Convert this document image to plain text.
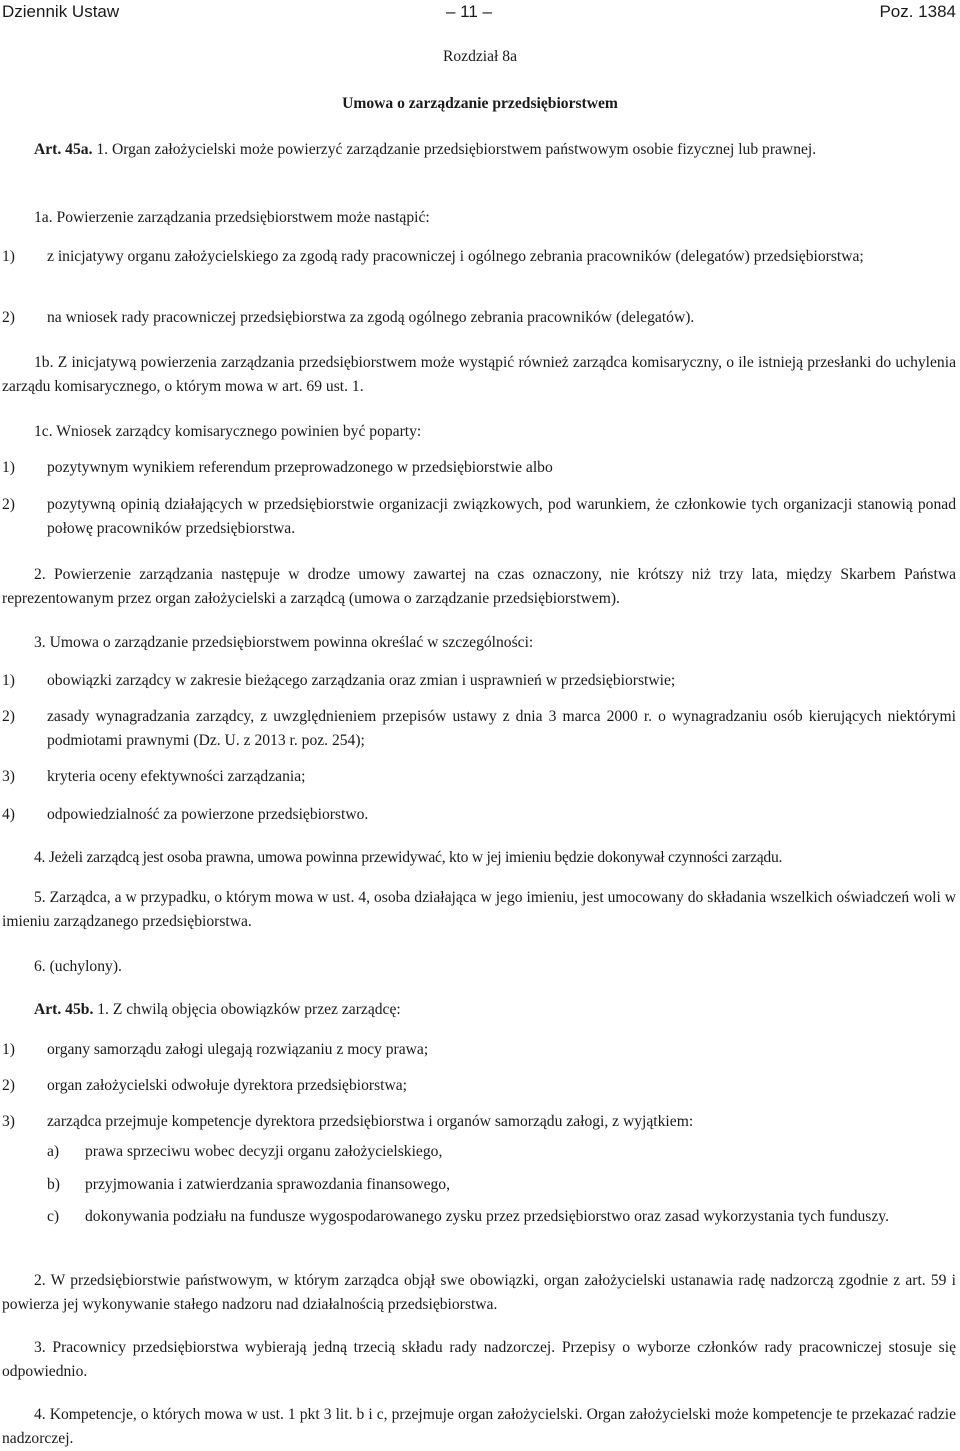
Dziennik Ustaw	– 11 –	Poz. 1384
Rozdział 8a
Umowa o zarządzanie przedsiębiorstwem
Art. 45a. 1. Organ założycielski może powierzyć zarządzanie przedsiębiorstwem państwowym osobie fizycznej lub prawnej.
1a. Powierzenie zarządzania przedsiębiorstwem może nastąpić:
1) z inicjatywy organu założycielskiego za zgodą rady pracowniczej i ogólnego zebrania pracowników (delegatów) przedsiębiorstwa;
2) na wniosek rady pracowniczej przedsiębiorstwa za zgodą ogólnego zebrania pracowników (delegatów).
1b. Z inicjatywą powierzenia zarządzania przedsiębiorstwem może wystąpić również zarządca komisaryczny, o ile istnieją przesłanki do uchylenia zarządu komisarycznego, o którym mowa w art. 69 ust. 1.
1c. Wniosek zarządcy komisarycznego powinien być poparty:
1) pozytywnym wynikiem referendum przeprowadzonego w przedsiębiorstwie albo
2) pozytywną opinią działających w przedsiębiorstwie organizacji związkowych, pod warunkiem, że członkowie tych organizacji stanowią ponad połowę pracowników przedsiębiorstwa.
2. Powierzenie zarządzania następuje w drodze umowy zawartej na czas oznaczony, nie krótszy niż trzy lata, między Skarbem Państwa reprezentowanym przez organ założycielski a zarządcą (umowa o zarządzanie przedsiębiorstwem).
3. Umowa o zarządzanie przedsiębiorstwem powinna określać w szczególności:
1) obowiązki zarządcy w zakresie bieżącego zarządzania oraz zmian i usprawnień w przedsiębiorstwie;
2) zasady wynagradzania zarządcy, z uwzględnieniem przepisów ustawy z dnia 3 marca 2000 r. o wynagradzaniu osób kierujących niektórymi podmiotami prawnymi (Dz. U. z 2013 r. poz. 254);
3) kryteria oceny efektywności zarządzania;
4) odpowiedzialność za powierzone przedsiębiorstwo.
4. Jeżeli zarządcą jest osoba prawna, umowa powinna przewidywać, kto w jej imieniu będzie dokonywał czynności zarządu.
5. Zarządca, a w przypadku, o którym mowa w ust. 4, osoba działająca w jego imieniu, jest umocowany do składania wszelkich oświadczeń woli w imieniu zarządzanego przedsiębiorstwa.
6. (uchylony).
Art. 45b. 1. Z chwilą objęcia obowiązków przez zarządcę:
1) organy samorządu załogi ulegają rozwiązaniu z mocy prawa;
2) organ założycielski odwołuje dyrektora przedsiębiorstwa;
3) zarządca przejmuje kompetencje dyrektora przedsiębiorstwa i organów samorządu załogi, z wyjątkiem:
a) prawa sprzeciwu wobec decyzji organu założycielskiego,
b) przyjmowania i zatwierdzania sprawozdania finansowego,
c) dokonywania podziału na fundusze wygospodarowanego zysku przez przedsiębiorstwo oraz zasad wykorzystania tych funduszy.
2. W przedsiębiorstwie państwowym, w którym zarządca objął swe obowiązki, organ założycielski ustanawia radę nadzorczą zgodnie z art. 59 i powierza jej wykonywanie stałego nadzoru nad działalnością przedsiębiorstwa.
3. Pracownicy przedsiębiorstwa wybierają jedną trzecią składu rady nadzorczej. Przepisy o wyborze członków rady pracowniczej stosuje się odpowiednio.
4. Kompetencje, o których mowa w ust. 1 pkt 3 lit. b i c, przejmuje organ założycielski. Organ założycielski może kompetencje te przekazać radzie nadzorczej.
